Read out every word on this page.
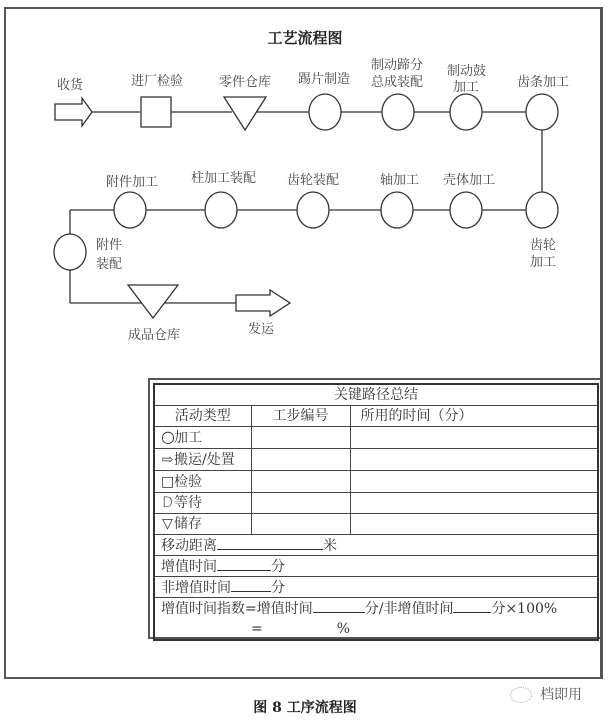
工艺流程图
收货	进厂检验	零件仓库 踢片制造
制动蹄分
总成装配
制动鼓
加工	齿条加工
附件加工	柱加工装配 齿轮装配	轴加工 壳体加工
齿轮
加工
附件
装配
成品仓库	发运
关键路径总结		
活动类型	工步编号	所用的时间（分）
○加工		
⇨搬运/处置		
□检验		
D等待		
▽储存		
移动距离 米		
增值时间 分		
非增值时间 分		

增值时间指数=增值时间 分/非增值时间 分×100%
= %		
档即用
图 8 工序流程图
